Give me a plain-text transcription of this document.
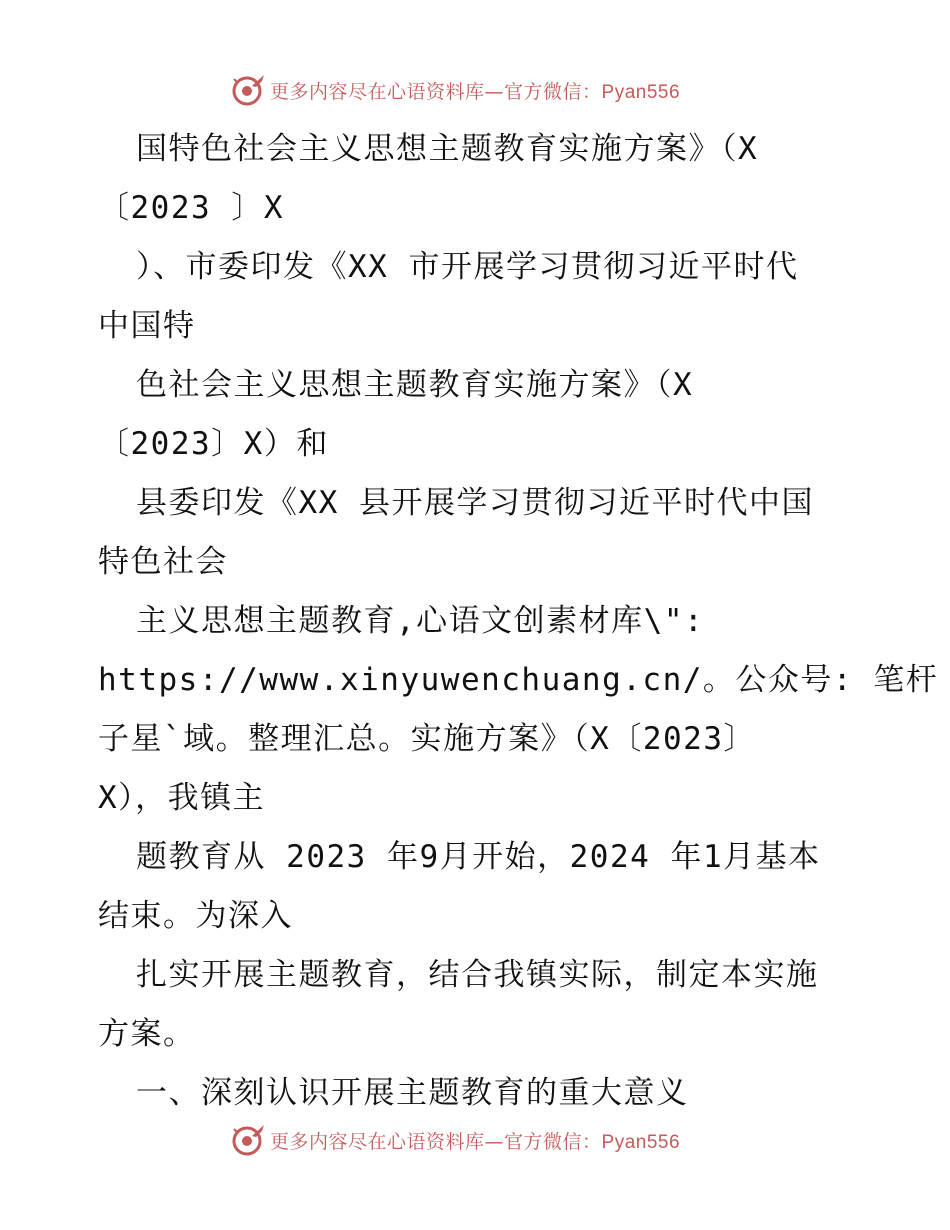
更多内容尽在心语资料库—官方微信：Pyan556
国特色社会主义思想主题教育实施方案》（X
〔2023 〕X
）、市委印发《XX 市开展学习贯彻习近平时代
中国特
色社会主义思想主题教育实施方案》（X
〔2023〕X）和
县委印发《XX 县开展学习贯彻习近平时代中国
特色社会
主义思想主题教育,心语文创素材库\":
https://www.xinyuwenchuang.cn/。公众号: 笔杆
子星`域。整理汇总。实施方案》（X〔2023〕
X），我镇主
题教育从 2023 年9月开始，2024 年1月基本
结束。为深入
扎实开展主题教育，结合我镇实际，制定本实施
方案。
一、深刻认识开展主题教育的重大意义
更多内容尽在心语资料库—官方微信：Pyan556
